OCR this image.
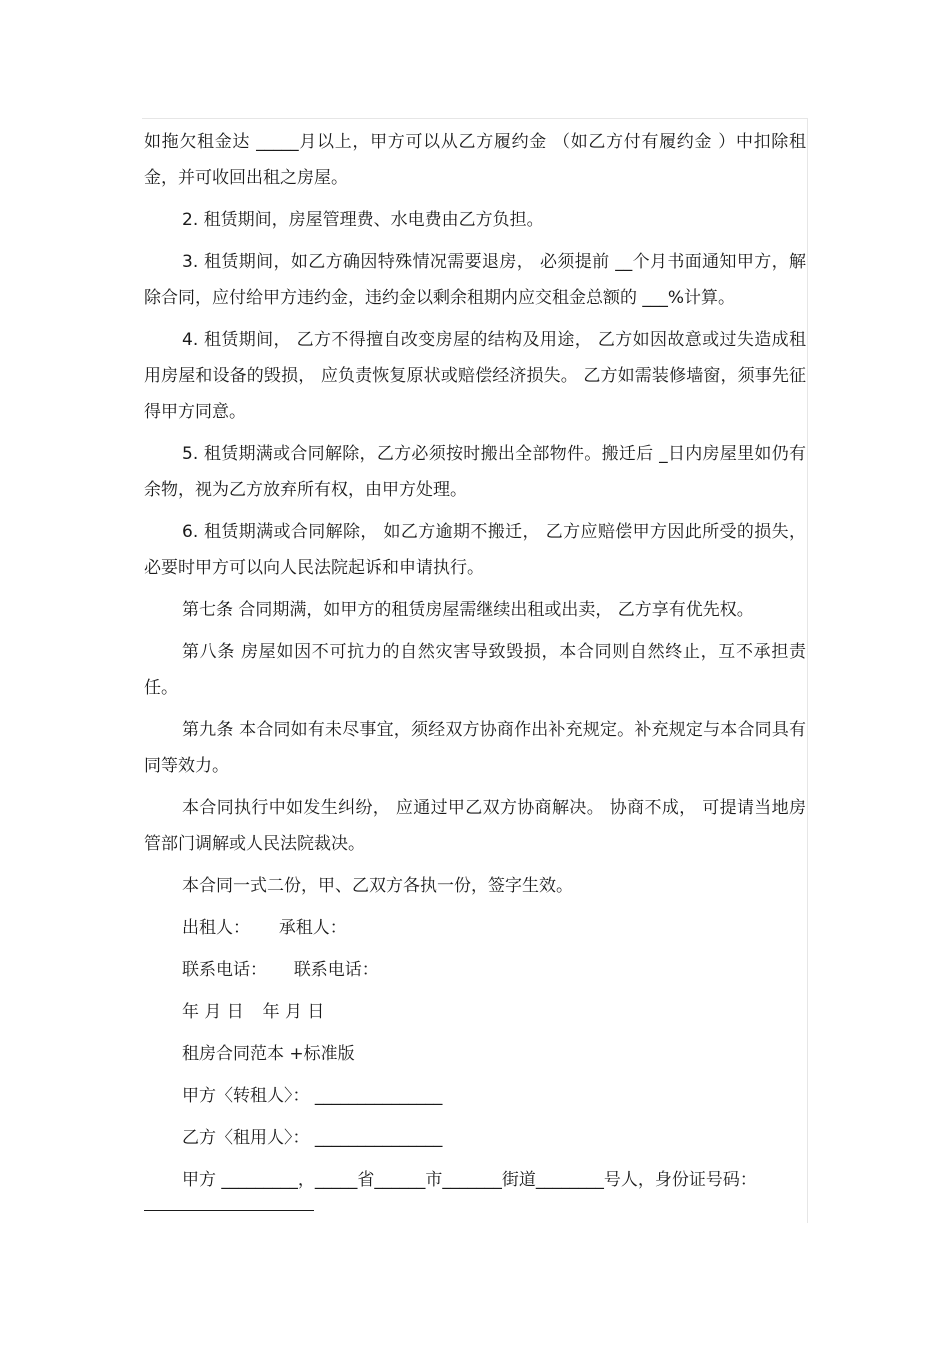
如拖欠租金达 _____月以上，甲方可以从乙方履约金 （如乙方付有履约金 ）中扣除租金，并可收回出租之房屋。

2. 租赁期间，房屋管理费、水电费由乙方负担。

3. 租赁期间，如乙方确因特殊情况需要退房， 必须提前 __个月书面通知甲方，解除合同，应付给甲方违约金，违约金以剩余租期内应交租金总额的 ___%计算。

4. 租赁期间， 乙方不得擅自改变房屋的结构及用途， 乙方如因故意或过失造成租用房屋和设备的毁损， 应负责恢复原状或赔偿经济损失。 乙方如需装修墙窗，须事先征得甲方同意。

5. 租赁期满或合同解除，乙方必须按时搬出全部物件。搬迁后 _日内房屋里如仍有余物，视为乙方放弃所有权，由甲方处理。

6. 租赁期满或合同解除， 如乙方逾期不搬迁， 乙方应赔偿甲方因此所受的损失，必要时甲方可以向人民法院起诉和申请执行。

第七条 合同期满，如甲方的租赁房屋需继续出租或出卖， 乙方享有优先权。

第八条 房屋如因不可抗力的自然灾害导致毁损，本合同则自然终止，互不承担责任。

第九条 本合同如有未尽事宜，须经双方协商作出补充规定。补充规定与本合同具有同等效力。

本合同执行中如发生纠纷， 应通过甲乙双方协商解决。 协商不成， 可提请当地房管部门调解或人民法院裁决。

本合同一式二份，甲、乙双方各执一份，签字生效。

出租人： 承租人：
联系电话： 联系电话：
年 月 日 年 月 日
租房合同范本 +标准版
甲方〈转租人〉： _______________
乙方〈租用人〉： _______________
甲方 _________，_____省______市_______街道________号人，身份证号码：
